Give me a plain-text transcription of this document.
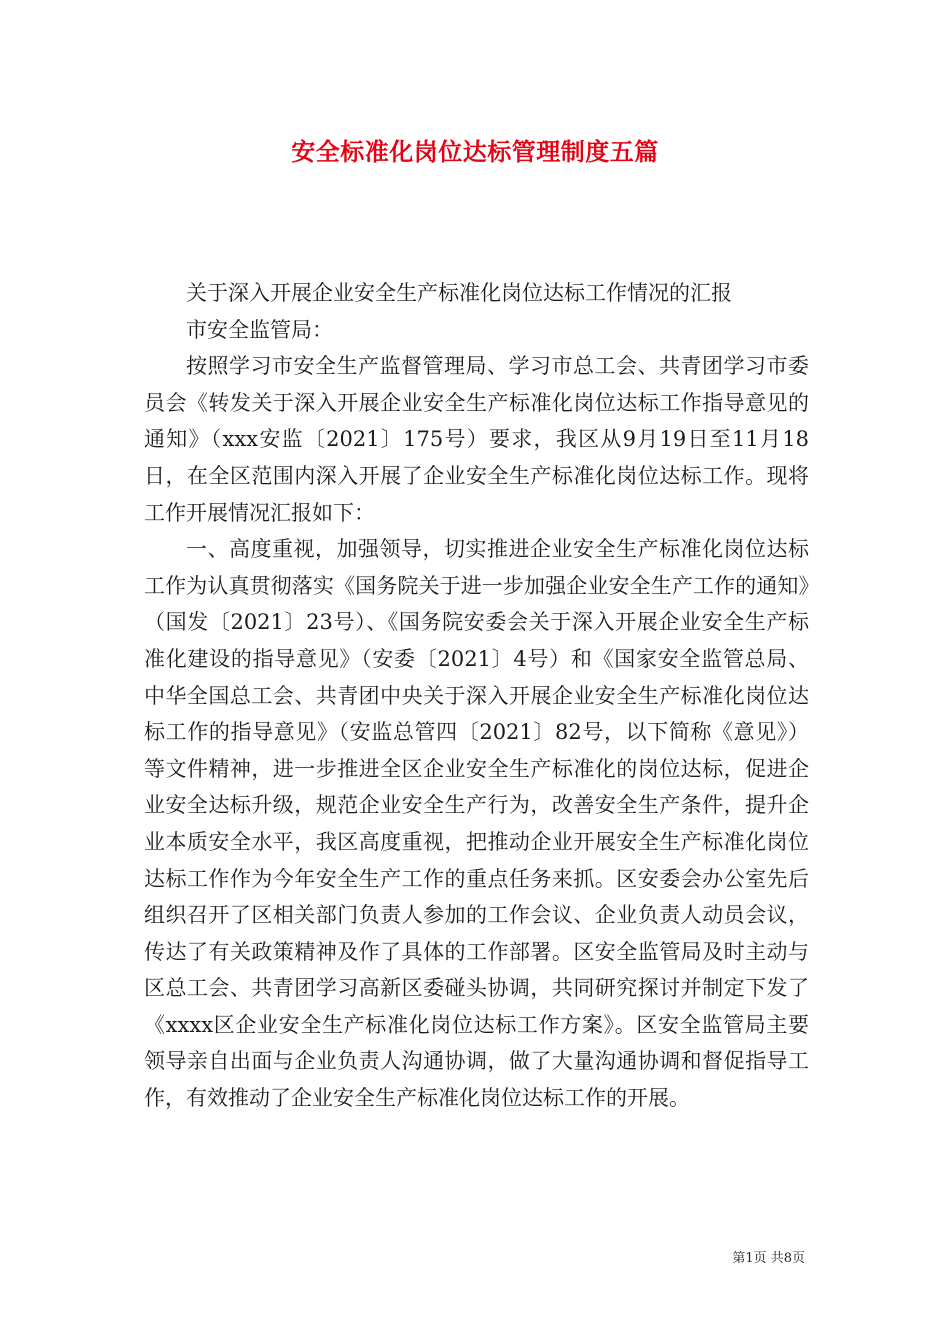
安全标准化岗位达标管理制度五篇

关于深入开展企业安全生产标准化岗位达标工作情况的汇报

市安全监管局：

按照学习市安全生产监督管理局、学习市总工会、共青团学习市委员会《转发关于深入开展企业安全生产标准化岗位达标工作指导意见的通知》（xxx安监〔2021〕175号）要求，我区从9月19日至11月18日，在全区范围内深入开展了企业安全生产标准化岗位达标工作。现将工作开展情况汇报如下：

一、高度重视，加强领导，切实推进企业安全生产标准化岗位达标工作为认真贯彻落实《国务院关于进一步加强企业安全生产工作的通知》（国发〔2021〕23号）、《国务院安委会关于深入开展企业安全生产标准化建设的指导意见》（安委〔2021〕4号）和《国家安全监管总局、中华全国总工会、共青团中央关于深入开展企业安全生产标准化岗位达标工作的指导意见》（安监总管四〔2021〕82号，以下简称《意见》）等文件精神，进一步推进全区企业安全生产标准化的岗位达标，促进企业安全达标升级，规范企业安全生产行为，改善安全生产条件，提升企业本质安全水平，我区高度重视，把推动企业开展安全生产标准化岗位达标工作作为今年安全生产工作的重点任务来抓。区安委会办公室先后组织召开了区相关部门负责人参加的工作会议、企业负责人动员会议，传达了有关政策精神及作了具体的工作部署。区安全监管局及时主动与区总工会、共青团学习高新区委碰头协调，共同研究探讨并制定下发了《xxxx区企业安全生产标准化岗位达标工作方案》。区安全监管局主要领导亲自出面与企业负责人沟通协调，做了大量沟通协调和督促指导工作，有效推动了企业安全生产标准化岗位达标工作的开展。

第1页 共8页
